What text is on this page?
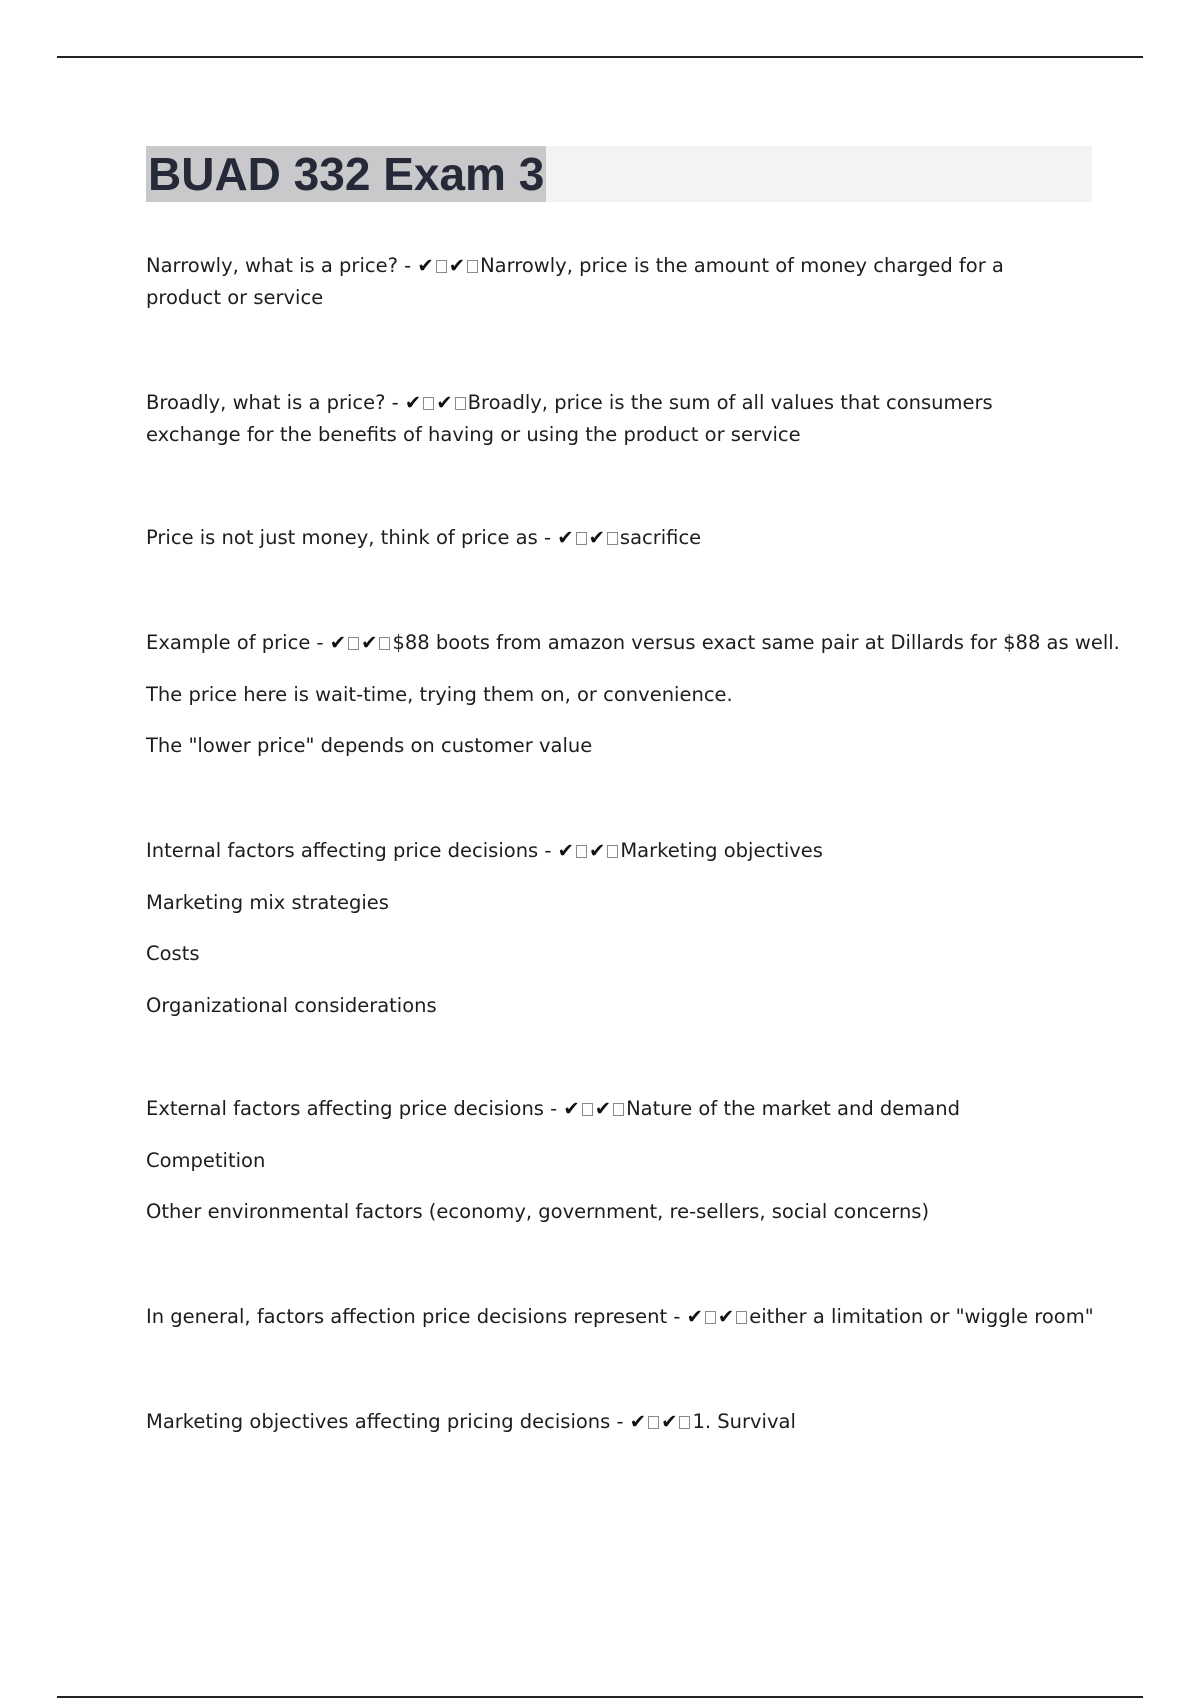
BUAD 332 Exam 3
Narrowly, what is a price? - ✔ ✔ Narrowly, price is the amount of money charged for a product or service
Broadly, what is a price? - ✔ ✔ Broadly, price is the sum of all values that consumers exchange for the benefits of having or using the product or service
Price is not just money, think of price as - ✔ ✔ sacrifice
Example of price - ✔ ✔ $88 boots from amazon versus exact same pair at Dillards for $88 as well.
The price here is wait-time, trying them on, or convenience.
The "lower price" depends on customer value
Internal factors affecting price decisions - ✔ ✔ Marketing objectives
Marketing mix strategies
Costs
Organizational considerations
External factors affecting price decisions - ✔ ✔ Nature of the market and demand
Competition
Other environmental factors (economy, government, re-sellers, social concerns)
In general, factors affection price decisions represent - ✔ ✔ either a limitation or "wiggle room"
Marketing objectives affecting pricing decisions - ✔ ✔ 1. Survival
